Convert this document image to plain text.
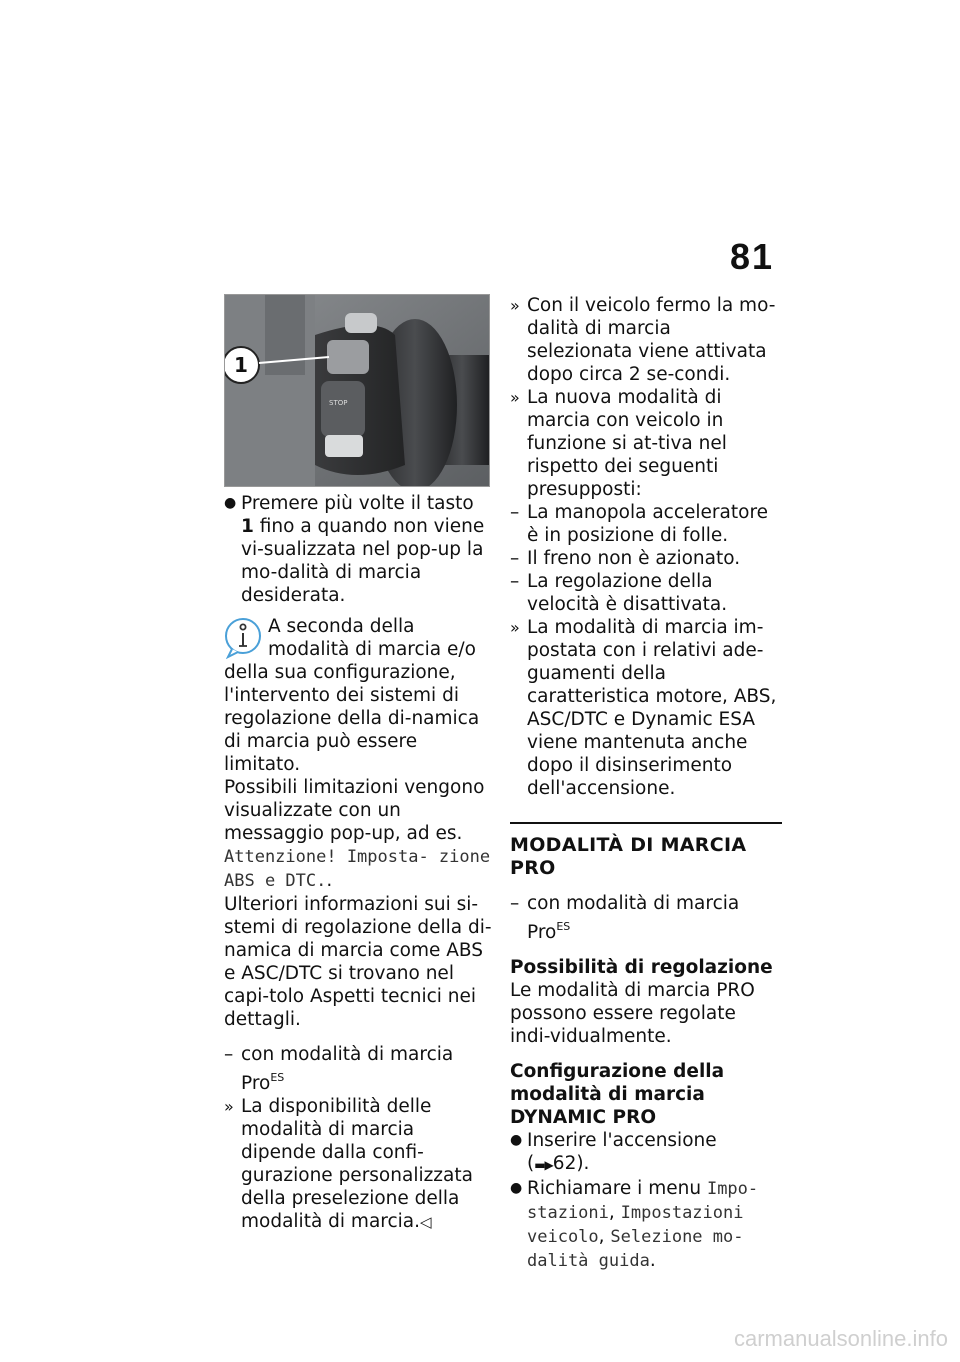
81
STOP
1

● Premere più volte il tasto 1 fino a quando non viene vi-sualizzata nel pop-up la mo-dalità di marcia desiderata.

A seconda della modalità di marcia e/o della sua configurazione, l'intervento dei sistemi di regolazione della di-namica di marcia può essere limitato.

Possibili limitazioni vengono visualizzate con un messaggio pop-up, ad es. Attenzione! Imposta- zione ABS e DTC..

Ulteriori informazioni sui si-stemi di regolazione della di-namica di marcia come ABS e ASC/DTC si trovano nel capi-tolo Aspetti tecnici nei dettagli.

– con modalità di marcia Pro$^{ES}$

» La disponibilità delle modalità di marcia dipende dalla confi-gurazione personalizzata della preselezione della modalità di marcia.◁

» Con il veicolo fermo la mo-dalità di marcia selezionata viene attivata dopo circa 2 se-condi.

» La nuova modalità di marcia con veicolo in funzione si at-tiva nel rispetto dei seguenti presupposti:

– La manopola acceleratore è in posizione di folle.

– Il freno non è azionato.

– La regolazione della velocità è disattivata.

» La modalità di marcia im-postata con i relativi ade-guamenti della caratteristica motore, ABS, ASC/DTC e Dynamic ESA viene mantenuta anche dopo il disinserimento dell'accensione.

MODALITÀ DI MARCIA PRO

– con modalità di marcia Pro$^{ES}$

Possibilità di regolazione

Le modalità di marcia PRO possono essere regolate indi-vidualmente.

Configurazione della modalità di marcia DYNAMIC PRO

● Inserire l'accensione (▬▶62).

● Richiamare i menu Impo-stazioni, Impostazioni veicolo, Selezione mo-dalità guida.

carmanualsonline.info
